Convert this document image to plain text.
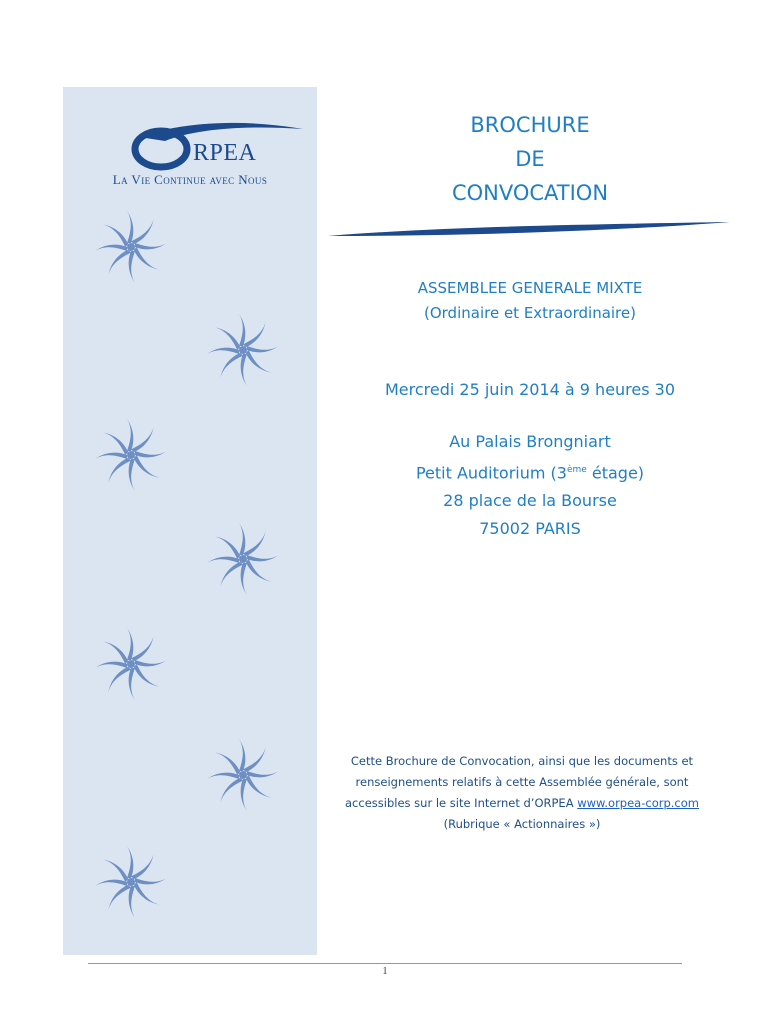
RPEA
La Vie Continue avec Nous
BROCHURE
DE
CONVOCATION
ASSEMBLEE GENERALE MIXTE
(Ordinaire et Extraordinaire)
Mercredi 25 juin 2014 à 9 heures 30
Au Palais Brongniart
Petit Auditorium (3ème étage)
28 place de la Bourse
75002 PARIS
Cette Brochure de Convocation, ainsi que les documents et
renseignements relatifs à cette Assemblée générale, sont
accessibles sur le site Internet d’ORPEA www.orpea-corp.com
(Rubrique « Actionnaires »)
1
